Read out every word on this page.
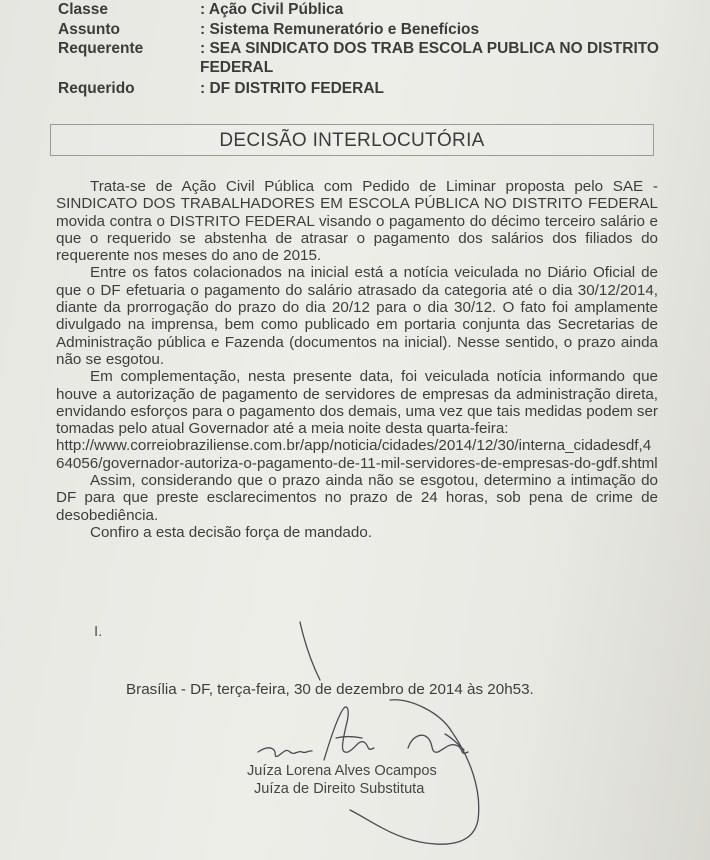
Classe	: Ação Civil Pública
Assunto	: Sistema Remuneratório e Benefícios
Requerente	: SEA SINDICATO DOS TRAB ESCOLA PUBLICA NO DISTRITO FEDERAL
Requerido	: DF DISTRITO FEDERAL
DECISÃO INTERLOCUTÓRIA

Trata-se de Ação Civil Pública com Pedido de Liminar proposta pelo SAE - SINDICATO DOS TRABALHADORES EM ESCOLA PÚBLICA NO DISTRITO FEDERAL movida contra o DISTRITO FEDERAL visando o pagamento do décimo terceiro salário e que o requerido se abstenha de atrasar o pagamento dos salários dos filiados do requerente nos meses do ano de 2015.

Entre os fatos colacionados na inicial está a notícia veiculada no Diário Oficial de que o DF efetuaria o pagamento do salário atrasado da categoria até o dia 30/12/2014, diante da prorrogação do prazo do dia 20/12 para o dia 30/12. O fato foi amplamente divulgado na imprensa, bem como publicado em portaria conjunta das Secretarias de Administração pública e Fazenda (documentos na inicial). Nesse sentido, o prazo ainda não se esgotou.

Em complementação, nesta presente data, foi veiculada notícia informando que houve a autorização de pagamento de servidores de empresas da administração direta, envidando esforços para o pagamento dos demais, uma vez que tais medidas podem ser tomadas pelo atual Governador até a meia noite desta quarta-feira:

http://www.correiobraziliense.com.br/app/noticia/cidades/2014/12/30/interna_cidadesdf,464056/governador-autoriza-o-pagamento-de-11-mil-servidores-de-empresas-do-gdf.shtml

Assim, considerando que o prazo ainda não se esgotou, determino a intimação do DF para que preste esclarecimentos no prazo de 24 horas, sob pena de crime de desobediência.

Confiro a esta decisão força de mandado.

I.
Brasília - DF, terça-feira, 30 de dezembro de 2014 às 20h53.
Juiza Alves Ocampos
Juíza Lorena Alves Ocampos
Juíza de Direito Substituta
